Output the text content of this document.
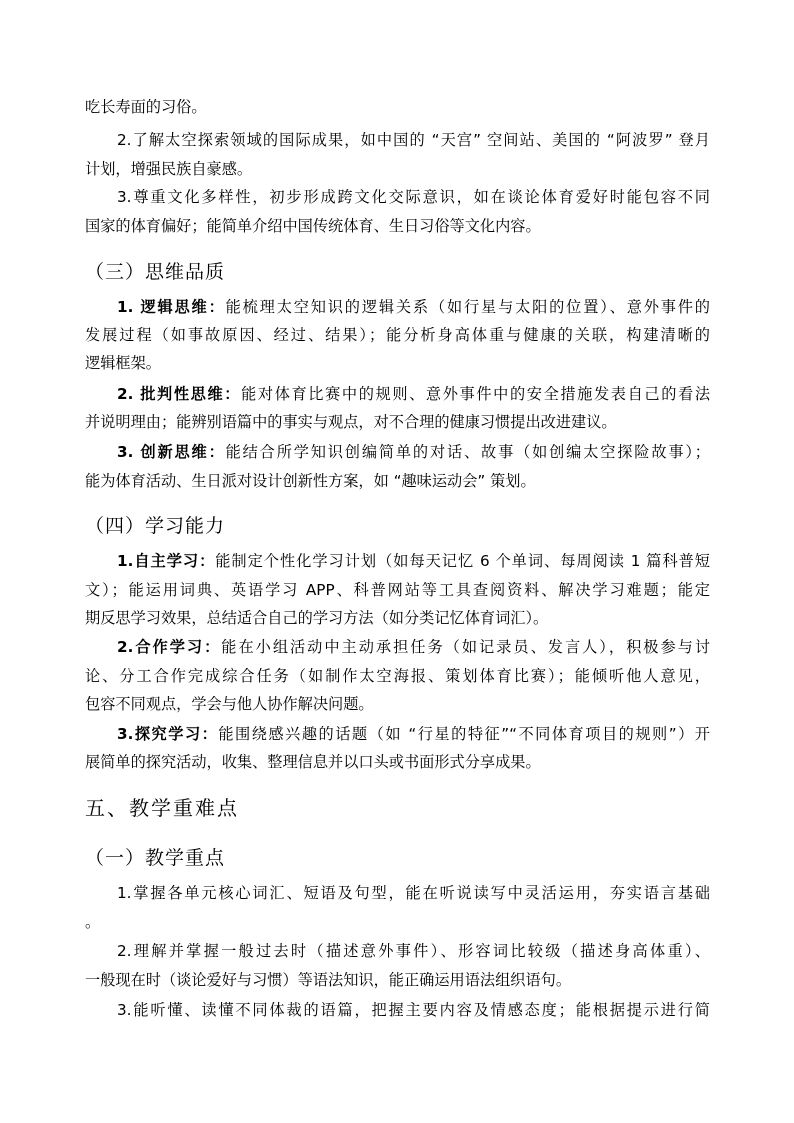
吃长寿面的习俗。
2.了解太空探索领域的国际成果，如中国的 “天宫” 空间站、美国的 “阿波罗” 登月
计划，增强民族自豪感。
3.尊重文化多样性，初步形成跨文化交际意识，如在谈论体育爱好时能包容不同
国家的体育偏好；能简单介绍中国传统体育、生日习俗等文化内容。
（三）思维品质
1. 逻辑思维：能梳理太空知识的逻辑关系（如行星与太阳的位置）、意外事件的
发展过程（如事故原因、经过、结果）；能分析身高体重与健康的关联，构建清晰的
逻辑框架。
2. 批判性思维：能对体育比赛中的规则、意外事件中的安全措施发表自己的看法
并说明理由；能辨别语篇中的事实与观点，对不合理的健康习惯提出改进建议。
3. 创新思维：能结合所学知识创编简单的对话、故事（如创编太空探险故事）；
能为体育活动、生日派对设计创新性方案，如 “趣味运动会” 策划。
（四）学习能力
1.自主学习：能制定个性化学习计划（如每天记忆 6 个单词、每周阅读 1 篇科普短
文）；能运用词典、英语学习 APP、科普网站等工具查阅资料、解决学习难题；能定
期反思学习效果，总结适合自己的学习方法（如分类记忆体育词汇）。
2.合作学习：能在小组活动中主动承担任务（如记录员、发言人），积极参与讨
论、分工合作完成综合任务（如制作太空海报、策划体育比赛）；能倾听他人意见，
包容不同观点，学会与他人协作解决问题。
3.探究学习：能围绕感兴趣的话题（如 “行星的特征”“不同体育项目的规则”）开
展简单的探究活动，收集、整理信息并以口头或书面形式分享成果。
五、教学重难点
（一）教学重点
1.掌握各单元核心词汇、短语及句型，能在听说读写中灵活运用，夯实语言基础
。
2.理解并掌握一般过去时（描述意外事件）、形容词比较级（描述身高体重）、
一般现在时（谈论爱好与习惯）等语法知识，能正确运用语法组织语句。
3.能听懂、读懂不同体裁的语篇，把握主要内容及情感态度；能根据提示进行简
